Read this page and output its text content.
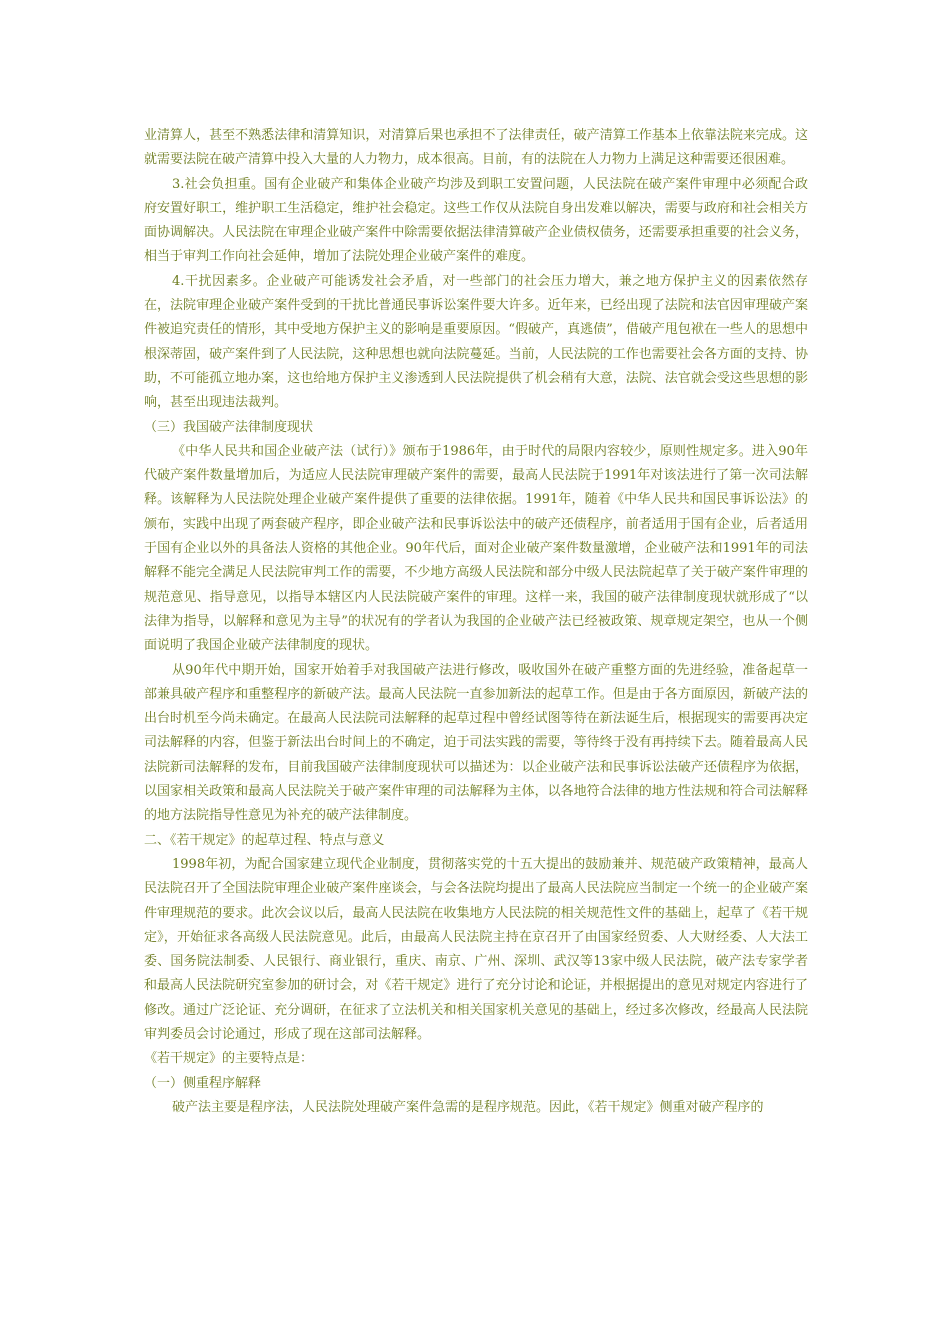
业清算人，甚至不熟悉法律和清算知识，对清算后果也承担不了法律责任，破产清算工作基本上依靠法院来完成。这就需要法院在破产清算中投入大量的人力物力，成本很高。目前，有的法院在人力物力上满足这种需要还很困难。

3.社会负担重。国有企业破产和集体企业破产均涉及到职工安置问题，人民法院在破产案件审理中必须配合政府安置好职工，维护职工生活稳定，维护社会稳定。这些工作仅从法院自身出发难以解决，需要与政府和社会相关方面协调解决。人民法院在审理企业破产案件中除需要依据法律清算破产企业债权债务，还需要承担重要的社会义务，相当于审判工作向社会延伸，增加了法院处理企业破产案件的难度。

4.干扰因素多。企业破产可能诱发社会矛盾，对一些部门的社会压力增大，兼之地方保护主义的因素依然存在，法院审理企业破产案件受到的干扰比普通民事诉讼案件要大许多。近年来，已经出现了法院和法官因审理破产案件被追究责任的情形，其中受地方保护主义的影响是重要原因。“假破产，真逃债”，借破产甩包袱在一些人的思想中根深蒂固，破产案件到了人民法院，这种思想也就向法院蔓延。当前，人民法院的工作也需要社会各方面的支持、协助，不可能孤立地办案，这也给地方保护主义渗透到人民法院提供了机会稍有大意，法院、法官就会受这些思想的影响，甚至出现违法裁判。

（三）我国破产法律制度现状

《中华人民共和国企业破产法（试行）》颁布于1986年，由于时代的局限内容较少，原则性规定多。进入90年代破产案件数量增加后，为适应人民法院审理破产案件的需要，最高人民法院于1991年对该法进行了第一次司法解释。该解释为人民法院处理企业破产案件提供了重要的法律依据。1991年，随着《中华人民共和国民事诉讼法》的颁布，实践中出现了两套破产程序，即企业破产法和民事诉讼法中的破产还债程序，前者适用于国有企业，后者适用于国有企业以外的具备法人资格的其他企业。90年代后，面对企业破产案件数量激增，企业破产法和1991年的司法解释不能完全满足人民法院审判工作的需要，不少地方高级人民法院和部分中级人民法院起草了关于破产案件审理的规范意见、指导意见，以指导本辖区内人民法院破产案件的审理。这样一来，我国的破产法律制度现状就形成了“以法律为指导，以解释和意见为主导”的状况有的学者认为我国的企业破产法已经被政策、规章规定架空，也从一个侧面说明了我国企业破产法律制度的现状。

从90年代中期开始，国家开始着手对我国破产法进行修改，吸收国外在破产重整方面的先进经验，准备起草一部兼具破产程序和重整程序的新破产法。最高人民法院一直参加新法的起草工作。但是由于各方面原因，新破产法的出台时机至今尚未确定。在最高人民法院司法解释的起草过程中曾经试图等待在新法诞生后，根据现实的需要再决定司法解释的内容，但鉴于新法出台时间上的不确定，迫于司法实践的需要，等待终于没有再持续下去。随着最高人民法院新司法解释的发布，目前我国破产法律制度现状可以描述为：以企业破产法和民事诉讼法破产还债程序为依据，以国家相关政策和最高人民法院关于破产案件审理的司法解释为主体，以各地符合法律的地方性法规和符合司法解释的地方法院指导性意见为补充的破产法律制度。

二、《若干规定》的起草过程、特点与意义

1998年初，为配合国家建立现代企业制度，贯彻落实党的十五大提出的鼓励兼并、规范破产政策精神，最高人民法院召开了全国法院审理企业破产案件座谈会，与会各法院均提出了最高人民法院应当制定一个统一的企业破产案件审理规范的要求。此次会议以后，最高人民法院在收集地方人民法院的相关规范性文件的基础上，起草了《若干规定》，开始征求各高级人民法院意见。此后，由最高人民法院主持在京召开了由国家经贸委、人大财经委、人大法工委、国务院法制委、人民银行、商业银行，重庆、南京、广州、深圳、武汉等13家中级人民法院，破产法专家学者和最高人民法院研究室参加的研讨会，对《若干规定》进行了充分讨论和论证，并根据提出的意见对规定内容进行了修改。通过广泛论证、充分调研，在征求了立法机关和相关国家机关意见的基础上，经过多次修改，经最高人民法院审判委员会讨论通过，形成了现在这部司法解释。

《若干规定》的主要特点是：

（一）侧重程序解释

破产法主要是程序法，人民法院处理破产案件急需的是程序规范。因此，《若干规定》侧重对破产程序的
